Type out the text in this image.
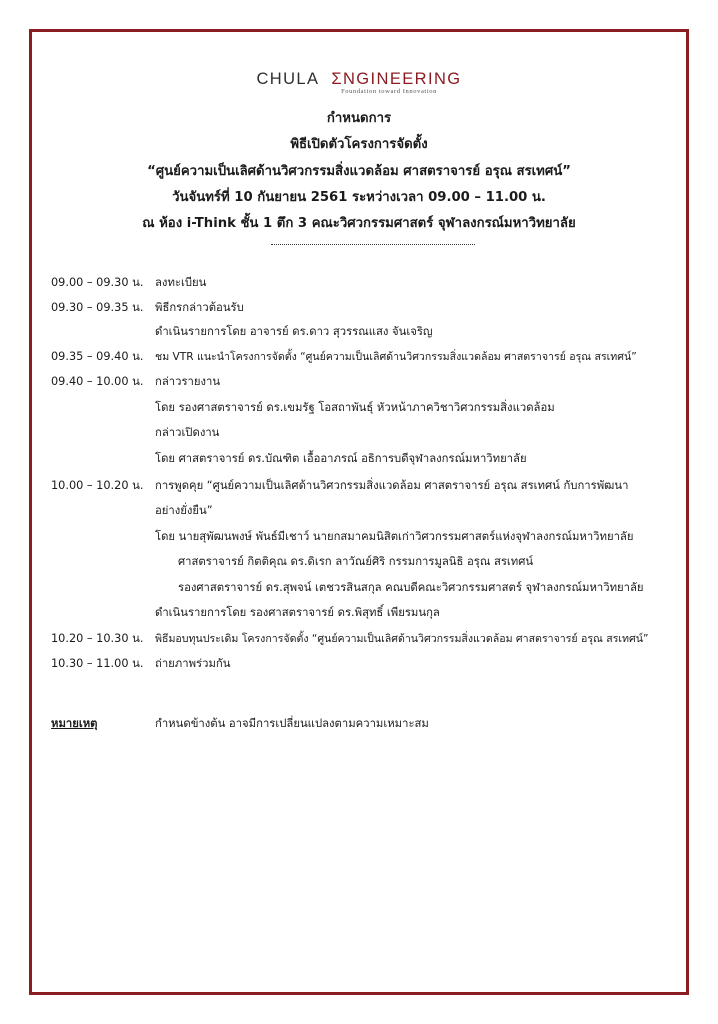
CHULA ΣNGINEERING
Foundation toward Innovation
กำหนดการ
พิธีเปิดตัวโครงการจัดตั้ง
“ศูนย์ความเป็นเลิศด้านวิศวกรรมสิ่งแวดล้อม ศาสตราจารย์ อรุณ สรเทศน์”
วันจันทร์ที่ 10 กันยายน 2561 ระหว่างเวลา 09.00 – 11.00 น.
ณ ห้อง i-Think ชั้น 1 ตึก 3 คณะวิศวกรรมศาสตร์ จุฬาลงกรณ์มหาวิทยาลัย
09.00 – 09.30 น. ลงทะเบียน
09.30 – 09.35 น. พิธีกรกล่าวต้อนรับ
ดำเนินรายการโดย อาจารย์ ดร.ดาว สุวรรณแสง จันเจริญ
09.35 – 09.40 น. ชม VTR แนะนำโครงการจัดตั้ง “ศูนย์ความเป็นเลิศด้านวิศวกรรมสิ่งแวดล้อม ศาสตราจารย์ อรุณ สรเทศน์”
09.40 – 10.00 น. กล่าวรายงาน
โดย รองศาสตราจารย์ ดร.เขมรัฐ โอสถาพันธุ์ หัวหน้าภาควิชาวิศวกรรมสิ่งแวดล้อม
กล่าวเปิดงาน
โดย ศาสตราจารย์ ดร.บัณฑิต เอื้ออาภรณ์ อธิการบดีจุฬาลงกรณ์มหาวิทยาลัย
10.00 – 10.20 น. การพูดคุย “ศูนย์ความเป็นเลิศด้านวิศวกรรมสิ่งแวดล้อม ศาสตราจารย์ อรุณ สรเทศน์ กับการพัฒนา
อย่างยั่งยืน”
โดย นายสุพัฒนพงษ์ พันธ์มีเชาว์ นายกสมาคมนิสิตเก่าวิศวกรรมศาสตร์แห่งจุฬาลงกรณ์มหาวิทยาลัย
ศาสตราจารย์ กิตติคุณ ดร.ดิเรก ลาวัณย์ศิริ กรรมการมูลนิธิ อรุณ สรเทศน์
รองศาสตราจารย์ ดร.สุพจน์ เตชวรสินสกุล คณบดีคณะวิศวกรรมศาสตร์ จุฬาลงกรณ์มหาวิทยาลัย
ดำเนินรายการโดย รองศาสตราจารย์ ดร.พิสุทธิ์ เพียรมนกุล
10.20 – 10.30 น. พิธีมอบทุนประเดิม โครงการจัดตั้ง “ศูนย์ความเป็นเลิศด้านวิศวกรรมสิ่งแวดล้อม ศาสตราจารย์ อรุณ สรเทศน์”
10.30 – 11.00 น. ถ่ายภาพร่วมกัน
หมายเหตุ	กำหนดข้างต้น อาจมีการเปลี่ยนแปลงตามความเหมาะสม
